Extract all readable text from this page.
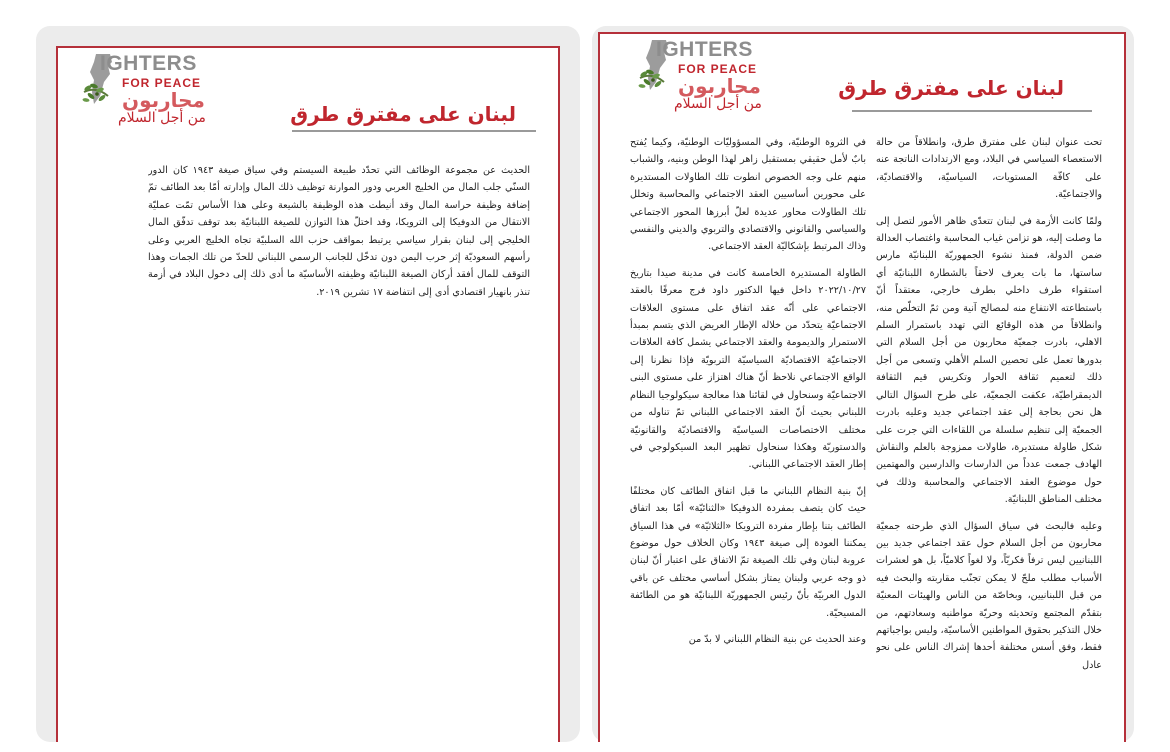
IGHTERS
FOR PEACE
محاربون
من أجل السلام	لبنان على مفترق طرق

الحديث عن مجموعة الوظائف التي تحدّد طبيعة السيستم وفي سياق صيغة ١٩٤٣ كان الدور السنّي جلب المال من الخليج العربي ودور الموارنة توظيف ذلك المال وإدارته أمّا بعد الطائف تمّ إضافة وظيفة حراسة المال وقد أنيطت هذه الوظيفة بالشيعة وعلى هذا الأساس تمّت عمليّة الانتقال من الدوفيكا إلى الترويكا، وقد اختلّ هذا التوازن للصيغة اللبنانيّة بعد توقف تدفّق المال الخليجي إلى لبنان بقرار سياسي يرتبط بمواقف حزب الله السلبيّة تجاه الخليج العربي وعلى رأسهم السعوديّة إثر حرب اليمن دون تدخّل للجانب الرسمي اللبناني للحدّ من تلك الجمات وهذا التوقف للمال أفقد أركان الصيغة اللبنانيّة وظيفته الأساسيّة ما أدى ذلك إلى دخول البلاد في أزمة تنذر بانهيار اقتصادي أدى إلى انتفاضة ١٧ تشرين ٢٠١٩.

IGHTERS
FOR PEACE
محاربون
من أجل السلام
لبنان على مفترق طرق

تحت عنوان لبنان على مفترق طرق، وانطلاقاً من حالة الاستعصاء السياسي في البلاد، ومع الارتدادات الناتجة عنه على كافّة المستويات، السياسيّة، والاقتصاديّة، والاجتماعيّة.

ولمّا كانت الأزمة في لبنان تتعدّى ظاهر الأمور لتصل إلى ما وصلت إليه، هو تزامن غياب المحاسبة واغتصاب العدالة ضمن الدولة، فمنذ نشوء الجمهوريّة اللبنانيّة مارس ساستها، ما بات يعرف لاحقاً بالشطارة اللبنانيّة أي استقواء طرف داخلي بطرف خارجي، معتقداً أنّ باستطاعته الانتفاع منه لمصالح آنية ومن ثمّ التخلّص منه، وانطلاقاً من هذه الوقائع التي تهدد باستمرار السلم الاهلي، بادرت جمعيّة محاربون من أجل السلام التي بدورها تعمل على تحصين السلم الأهلي وتسعى من أجل ذلك لتعميم ثقافة الحوار وتكريس قيم الثقافة الديمقراطيّة، عكفت الجمعيّة، على طرح السؤال التالي هل نحن بحاجة إلى عقد اجتماعي جديد وعليه بادرت الجمعيّة إلى تنظيم سلسلة من اللقاءات التي جرت على شكل طاولة مستديرة، طاولات ممزوجة بالعلم والنقاش الهادف جمعت عدداً من الدارسات والدارسين والمهتمين حول موضوع العقد الاجتماعي والمحاسبة وذلك في مختلف المناطق اللبنانيّة.

وعليه فالبحث في سياق السؤال الذي طرحته جمعيّة محاربون من أجل السلام حول عقد اجتماعي جديد بين اللبنانيين ليس ترفاً فكريّاً، ولا لغواً كلاميّاً، بل هو لعشرات الأسباب مطلب ملحّ لا يمكن تجنّب مقاربته والبحث فيه من قبل اللبنانيين، وبخاصّة من الناس والهيئات المعنيّة بتقدّم المجتمع وتحديثه وحريّة مواطنيه وسعادتهم، من خلال التذكير بحقوق المواطنين الأساسيّة، وليس بواجباتهم فقط، وفق أسس مختلفة أحدها إشراك الناس على نحو عادل

في الثروة الوطنيّة، وفي المسؤوليّات الوطنيّة، وكيما يُفتح بابٌ لأمل حقيقي بمستقبل زاهر لهذا الوطن وبنيه، والشباب منهم على وجه الخصوص انطوت تلك الطاولات المستديرة على محورين أساسيين العقد الاجتماعي والمحاسبة وتخلل تلك الطاولات محاور عديدة لعلّ أبرزها المحور الاجتماعي والسياسي والقانوني والاقتصادي والتربوي والديني والنفسي وذاك المرتبط بإشكاليّة العقد الاجتماعي.

الطاولة المستديرة الخامسة كانت في مدينة صيدا بتاريخ ٢٠٢٢/١٠/٢٧ داخل فيها الدكتور داود فرج معرفًا بالعقد الاجتماعي على أنّه عقد اتفاق على مستوى العلاقات الاجتماعيّة يتحدّد من خلاله الإطار العريض الذي يتسم بمبدأ الاستمرار والديمومة والعقد الاجتماعي يشمل كافة العلاقات الاجتماعيّة الاقتصاديّة السياسيّة التربويّة فإذا نظرنا إلى الواقع الاجتماعي نلاحظ أنّ هناك اهتزاز على مستوى البنى الاجتماعيّة وسنحاول في لقائنا هذا معالجة سيكولوجيا النظام اللبناني بحيث أنّ العقد الاجتماعي اللبناني تمّ تناوله من مختلف الاختصاصات السياسيّة والاقتصاديّة والقانونيّة والدستوريّة وهكذا سنحاول تظهير البعد السيكولوجي في إطار العقد الاجتماعي اللبناني.

إنّ بنية النظام اللبناني ما قبل اتفاق الطائف كان مختلفًا حيث كان يتصف بمفردة الدوفيكا «الثنائيّة» أمّا بعد اتفاق الطائف بتنا بإطار مفردة الترويكا «الثلاثيّة» في هذا السياق يمكننا العودة إلى صيغة ١٩٤٣ وكان الخلاف حول موضوع عروبة لبنان وفي تلك الصيغة تمّ الاتفاق على اعتبار أنّ لبنان ذو وجه عربي ولبنان يمتاز بشكل أساسي مختلف عن باقي الدول العربيّة بأنّ رئيس الجمهوريّة اللبنانيّة هو من الطائفة المسيحيّة.

وعند الحديث عن بنية النظام اللبناني لا بدّ من
